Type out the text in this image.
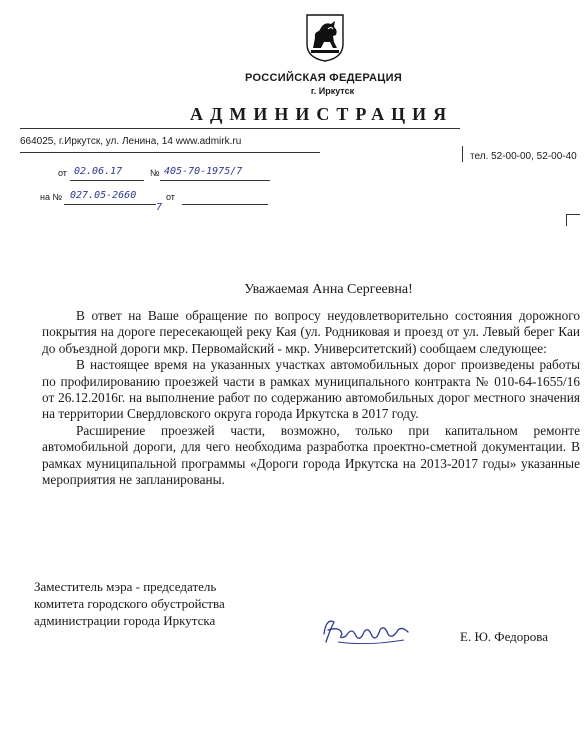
РОССИЙСКАЯ ФЕДЕРАЦИЯ
г. Иркутск
АДМИНИСТРАЦИЯ
664025, г.Иркутск, ул. Ленина, 14 www.admirk.ru
тел. 52-00-00, 52-00-40
от 02.06.17	№ 405-70-1975/7
на № 027.05-2660
7
от
Уважаемая Анна Сергеевна!

В ответ на Ваше обращение по вопросу неудовлетворительно состояния дорожного покрытия на дороге пересекающей реку Кая (ул. Родниковая и проезд от ул. Левый берег Каи до объездной дороги мкр. Первомайский - мкр. Университетский) сообщаем следующее:

В настоящее время на указанных участках автомобильных дорог произведены работы по профилированию проезжей части в рамках муниципального контракта № 010-64-1655/16 от 26.12.2016г. на выполнение работ по содержанию автомобильных дорог местного значения на территории Свердловского округа города Иркутска в 2017 году.

Расширение проезжей части, возможно, только при капитальном ремонте автомобильной дороги, для чего необходима разработка проектно-сметной документации. В рамках муниципальной программы «Дороги города Иркутска на 2013-2017 годы» указанные мероприятия не запланированы.

Заместитель мэра - председатель
комитета городского обустройства
администрации города Иркутска
Е. Ю. Федорова
